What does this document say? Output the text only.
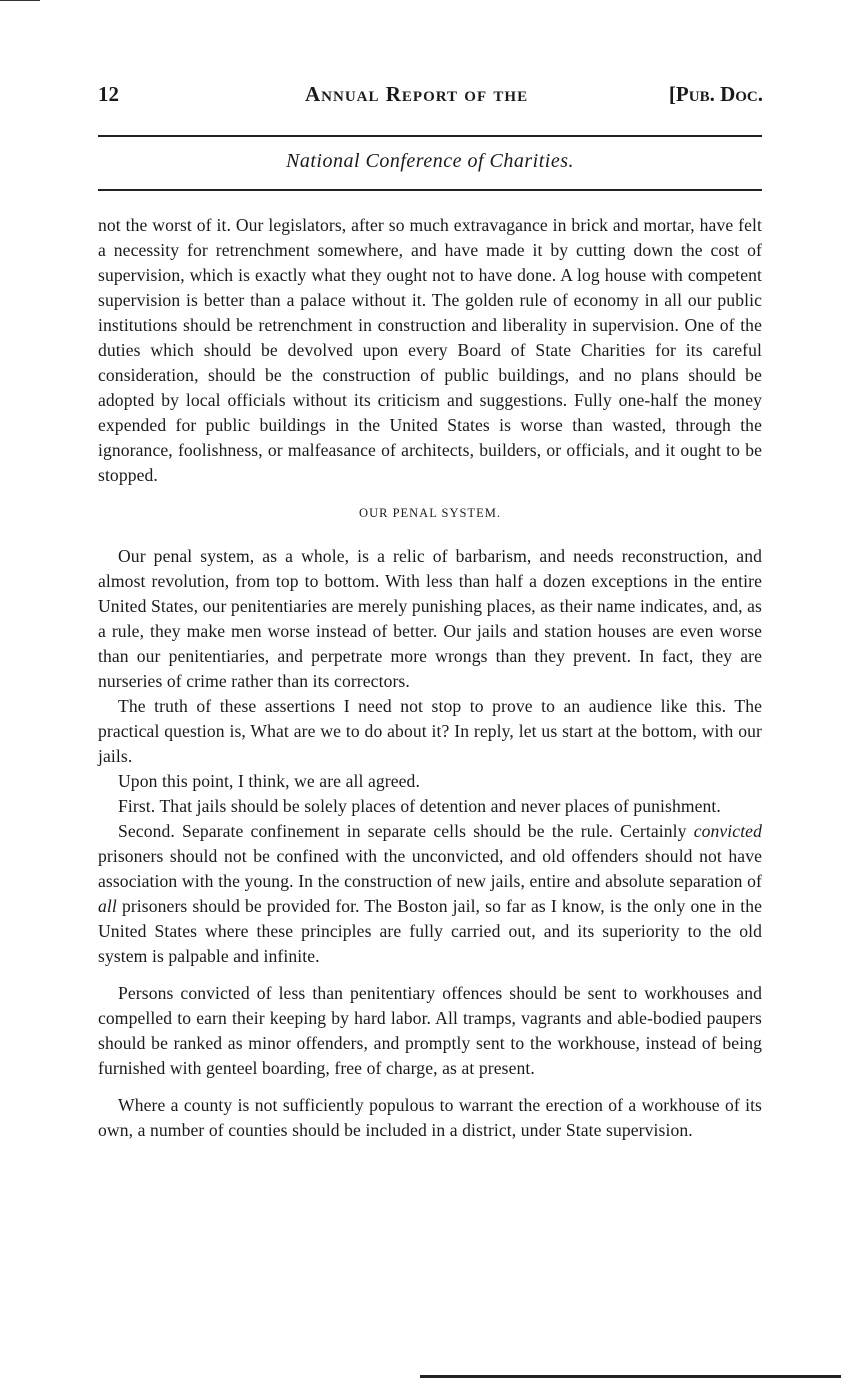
12	Annual Report of the	[Pub. Doc.
National Conference of Charities.

not the worst of it. Our legislators, after so much extravagance in brick and mortar, have felt a necessity for retrenchment somewhere, and have made it by cutting down the cost of supervision, which is exactly what they ought not to have done. A log house with competent supervision is better than a palace without it. The golden rule of economy in all our public institutions should be retrenchment in construction and liberality in supervision. One of the duties which should be devolved upon every Board of State Charities for its careful consideration, should be the construction of public buildings, and no plans should be adopted by local officials without its criticism and suggestions. Fully one-half the money expended for public buildings in the United States is worse than wasted, through the ignorance, foolishness, or malfeasance of architects, builders, or officials, and it ought to be stopped.

OUR PENAL SYSTEM.

Our penal system, as a whole, is a relic of barbarism, and needs reconstruction, and almost revolution, from top to bottom. With less than half a dozen exceptions in the entire United States, our penitentiaries are merely punishing places, as their name indicates, and, as a rule, they make men worse instead of better. Our jails and station houses are even worse than our penitentiaries, and perpetrate more wrongs than they prevent. In fact, they are nurseries of crime rather than its correctors.

The truth of these assertions I need not stop to prove to an audience like this. The practical question is, What are we to do about it? In reply, let us start at the bottom, with our jails.

Upon this point, I think, we are all agreed.

First. That jails should be solely places of detention and never places of punishment.

Second. Separate confinement in separate cells should be the rule. Certainly convicted prisoners should not be confined with the unconvicted, and old offenders should not have association with the young. In the construction of new jails, entire and absolute separation of all prisoners should be provided for. The Boston jail, so far as I know, is the only one in the United States where these principles are fully carried out, and its superiority to the old system is palpable and infinite.

Persons convicted of less than penitentiary offences should be sent to workhouses and compelled to earn their keeping by hard labor. All tramps, vagrants and able-bodied paupers should be ranked as minor offenders, and promptly sent to the workhouse, instead of being furnished with genteel boarding, free of charge, as at present.

Where a county is not sufficiently populous to warrant the erection of a workhouse of its own, a number of counties should be included in a district, under State supervision.
